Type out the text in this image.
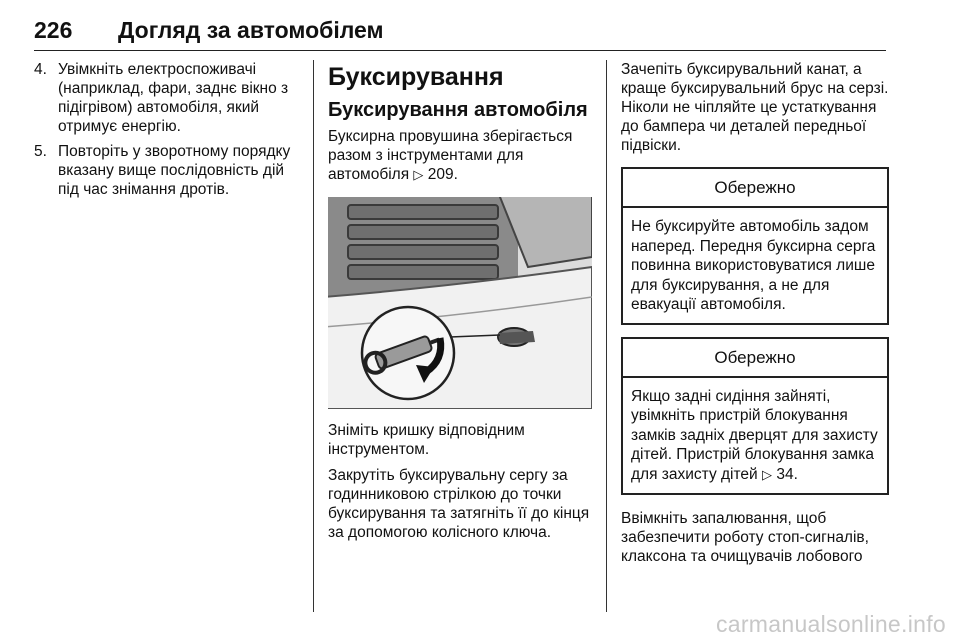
226	Догляд за автомобілем
4. Увімкніть електроспоживачі (наприклад, фари, заднє вікно з підігрівом) автомобіля, який отримує енергію.
5. Повторіть у зворотному порядку вказану вище послідовність дій під час знімання дротів.
Буксирування
Буксирування автомобіля

Буксирна провушина зберігається разом з інструментами для автомобіля ▷ 209.

Зніміть кришку відповідним інструментом.

Закрутіть буксирувальну сергу за годинниковою стрілкою до точки буксирування та затягніть її до кінця за допомогою колісного ключа.

Зачепіть буксирувальний канат, а краще буксирувальний брус на серзі. Ніколи не чіпляйте це устаткування до бампера чи деталей передньої підвіски.

Обережно

Не буксируйте автомобіль задом наперед. Передня буксирна серга повинна використовуватися лише для буксирування, а не для евакуації автомобіля.

Обережно

Якщо задні сидіння зайняті, увімкніть пристрій блокування замків задніх дверцят для захисту дітей. Пристрій блокування замка для захисту дітей ▷ 34.

Ввімкніть запалювання, щоб забезпечити роботу стоп-сигналів, клаксона та очищувачів лобового

carmanualsonline.info
